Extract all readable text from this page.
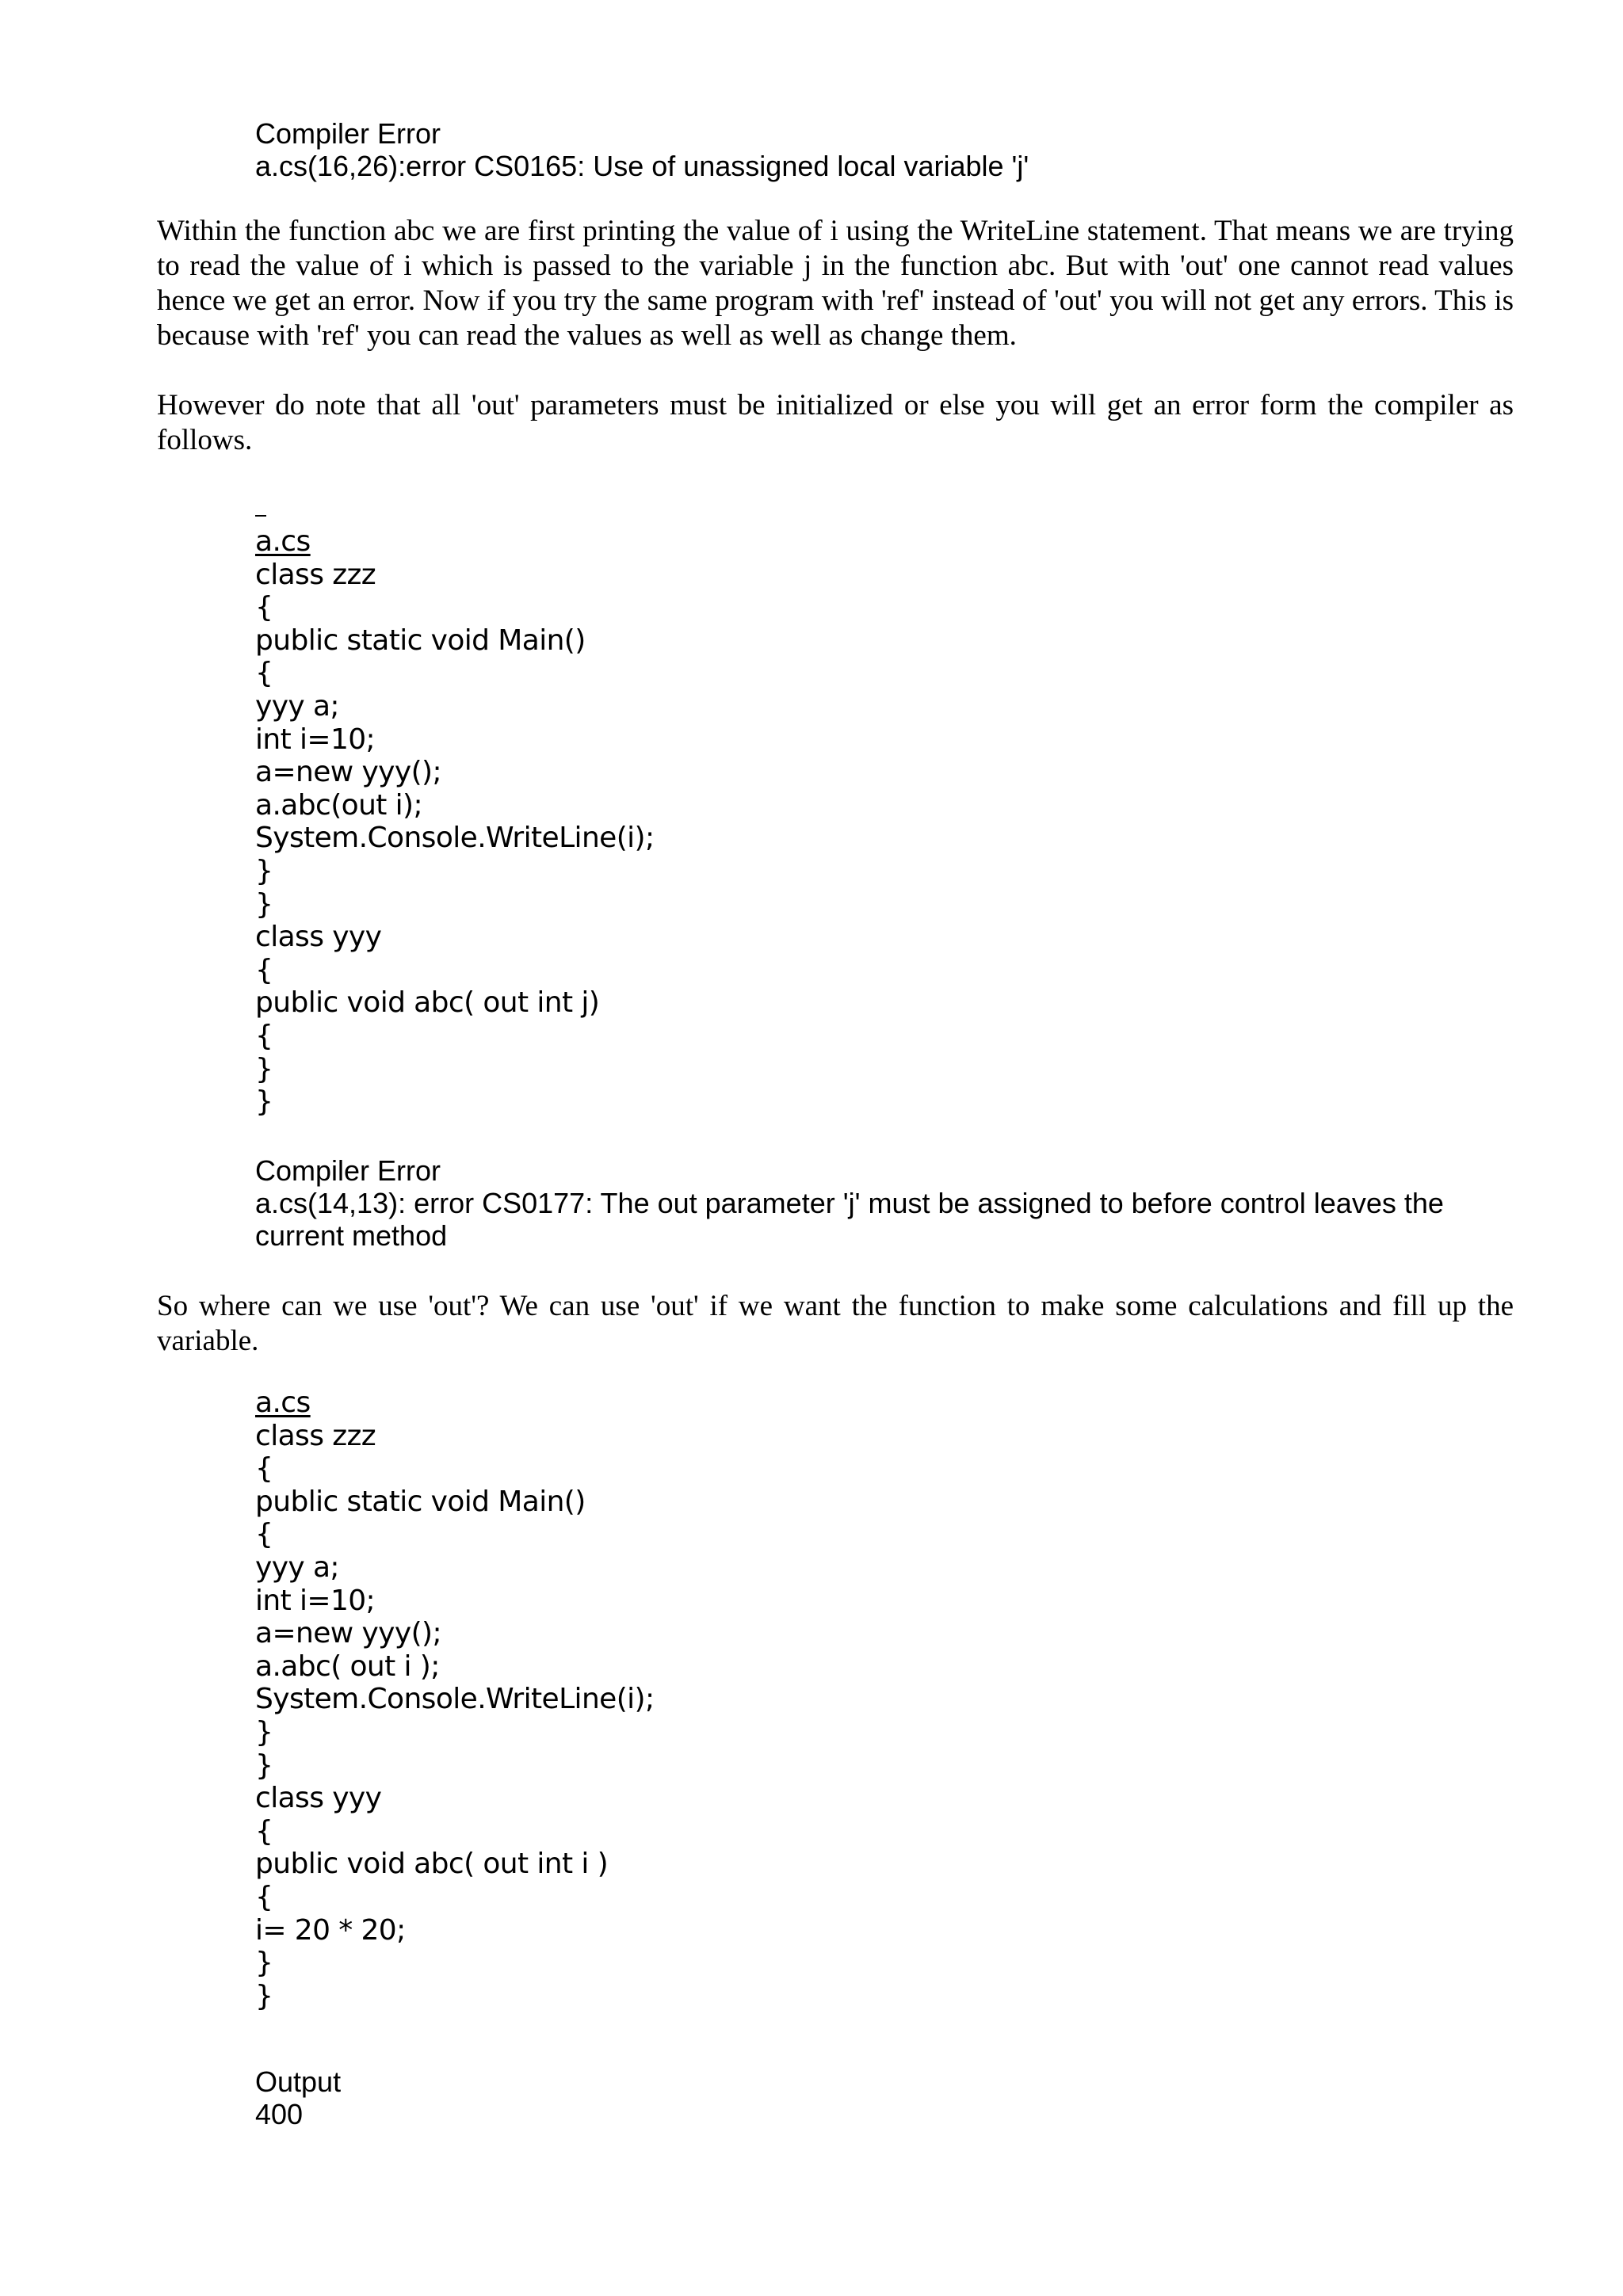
Compiler Error
a.cs(16,26):error CS0165: Use of unassigned local variable 'j'

Within the function abc we are first printing the value of i using the WriteLine statement. That means we are trying to read the value of i which is passed to the variable j in the function abc. But with 'out' one cannot read values hence we get an error. Now if you try the same program with 'ref' instead of 'out' you will not get any errors. This is because with 'ref' you can read the values as well as well as change them.

However do note that all 'out' parameters must be initialized or else you will get an error form the compiler as follows.

a.cs
class zzz
{
public static void Main()
{
yyy a;
int i=10;
a=new yyy();
a.abc(out i);
System.Console.WriteLine(i);
}
}
class yyy
{
public void abc( out int j)
{
}
}
Compiler Error
a.cs(14,13): error CS0177: The out parameter 'j' must be assigned to before control leaves the current method

So where can we use 'out'? We can use 'out' if we want the function to make some calculations and fill up the variable.

a.cs
class zzz
{
public static void Main()
{
yyy a;
int i=10;
a=new yyy();
a.abc( out i );
System.Console.WriteLine(i);
}
}
class yyy
{
public void abc( out int i )
{
i= 20 * 20;
}
}
Output
400
